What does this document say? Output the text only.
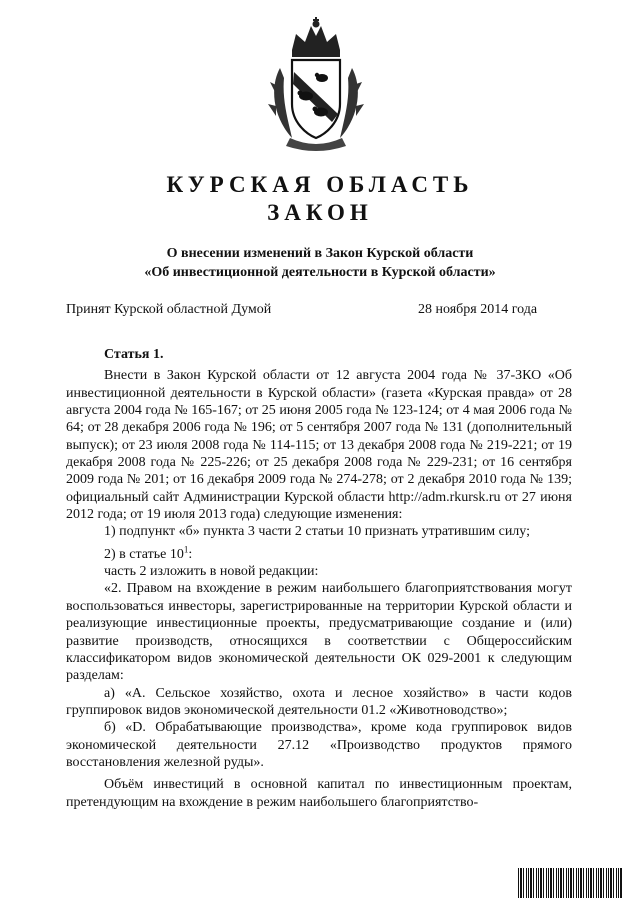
КУРСКАЯ ОБЛАСТЬ
ЗАКОН
О внесении изменений в Закон Курской области
«Об инвестиционной деятельности в Курской области»
Принят Курской областной Думой	28 ноября 2014 года

Статья 1.

Внести в Закон Курской области от 12 августа 2004 года № 37-ЗКО «Об инвестиционной деятельности в Курской области» (газета «Курская правда» от 28 августа 2004 года № 165-167; от 25 июня 2005 года № 123-124; от 4 мая 2006 года № 64; от 28 декабря 2006 года № 196; от 5 сентября 2007 года № 131 (дополнительный выпуск); от 23 июля 2008 года № 114-115; от 13 декабря 2008 года № 219-221; от 19 декабря 2008 года № 225-226; от 25 декабря 2008 года № 229-231; от 16 сентября 2009 года № 201; от 16 декабря 2009 года № 274-278; от 2 декабря 2010 года № 139; официальный сайт Администрации Курской области http://adm.rkursk.ru от 27 июня 2012 года; от 19 июля 2013 года) следующие изменения:

1) подпункт «б» пункта 3 части 2 статьи 10 признать утратившим силу;

2) в статье $10^1$:

часть 2 изложить в новой редакции:

«2. Правом на вхождение в режим наибольшего благоприятствования могут воспользоваться инвесторы, зарегистрированные на территории Курской области и реализующие инвестиционные проекты, предусматривающие создание и (или) развитие производств, относящихся в соответствии с Общероссийским классификатором видов экономической деятельности ОК 029-2001 к следующим разделам:

а) «А. Сельское хозяйство, охота и лесное хозяйство» в части кодов группировок видов экономической деятельности 01.2 «Животноводство»;

б) «D. Обрабатывающие производства», кроме кода группировок видов экономической деятельности 27.12 «Производство продуктов прямого восстановления железной руды».

Объём инвестиций в основной капитал по инвестиционным проектам, претендующим на вхождение в режим наибольшего благоприятство-
